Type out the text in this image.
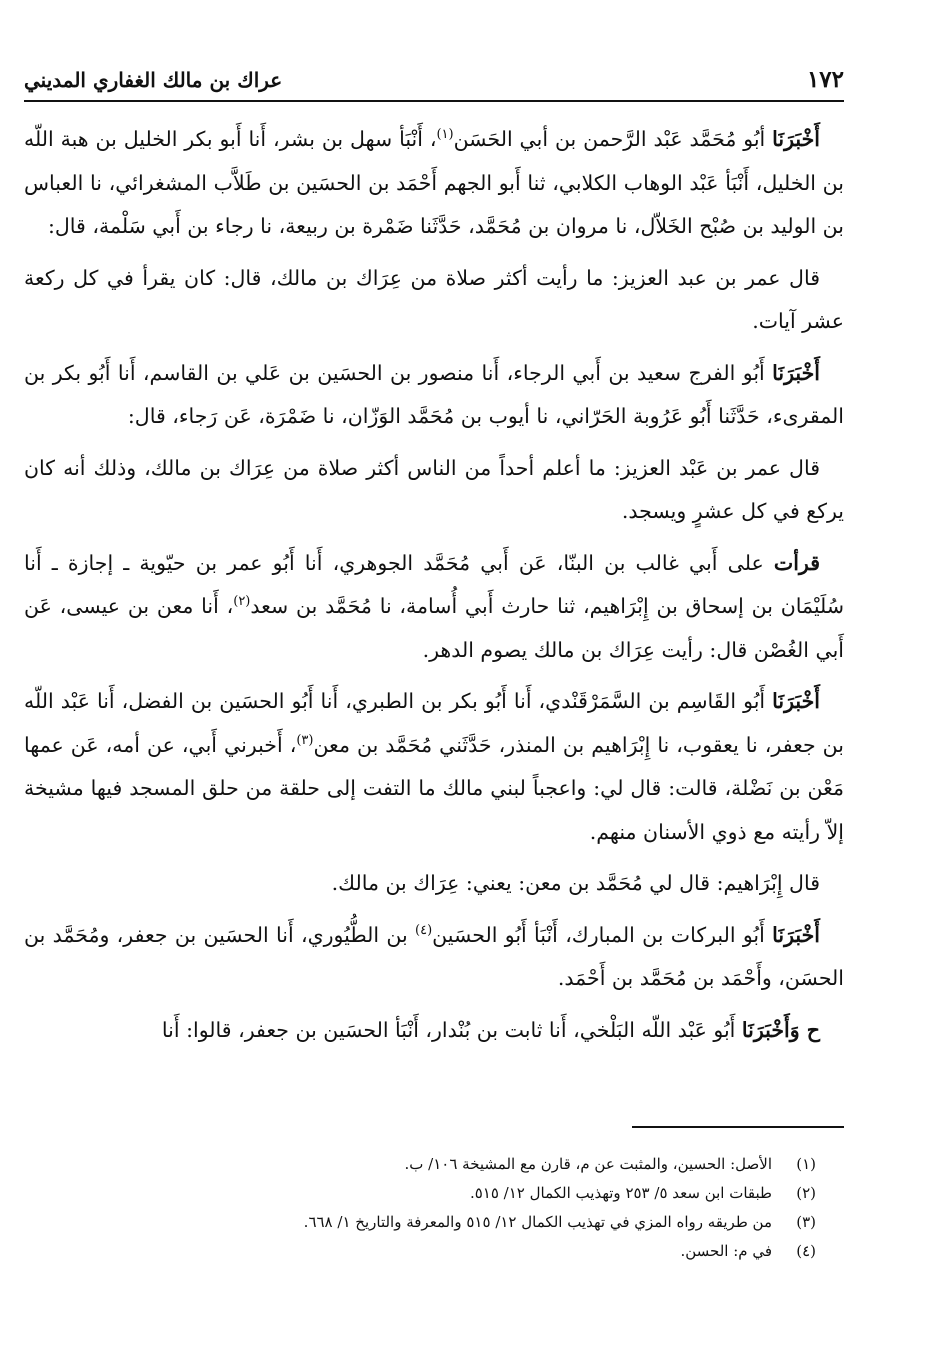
١٧٢
عراك بن مالك الغفاري المديني

أَخْبَرَنَا أبُو مُحَمَّد عَبْد الرَّحمن بن أبي الحَسَن$^{(١)}$، أَنْبَأ سهل بن بشر، أَنا أَبو بكر الخليل بن هبة اللّه بن الخليل، أَنْبَأ عَبْد الوهاب الكلابي، ثنا أَبو الجهم أَحْمَد بن الحسَين بن طَلاَّب المشغرائي، نا العباس بن الوليد بن صُبْح الخَلاّل، نا مروان بن مُحَمَّد، حَدَّثَنا ضَمْرة بن ربيعة، نا رجاء بن أَبي سَلْمة، قال:

قال عمر بن عبد العزيز: ما رأيت أكثر صلاة من عِرَاك بن مالك، قال: كان يقرأ في كل ركعة عشر آيات.

أَخْبَرَنَا أَبُو الفرج سعيد بن أَبي الرجاء، أَنا منصور بن الحسَين بن عَلي بن القاسم، أَنا أَبُو بكر بن المقرىء، حَدَّثَنا أَبُو عَرُوبة الحَرّاني، نا أيوب بن مُحَمَّد الوَزّان، نا ضَمْرَة، عَن رَجاء، قال:

قال عمر بن عَبْد العزيز: ما أعلم أحداً من الناس أكثر صلاة من عِرَاك بن مالك، وذلك أنه كان يركع في كل عشرٍ ويسجد.

قرأت على أَبي غالب بن البنّا، عَن أَبي مُحَمَّد الجوهري، أَنا أَبُو عمر بن حيّوية ـ إجازة ـ أَنا سُلَيْمَان بن إسحاق بن إِبْرَاهيم، ثنا حارث أَبي أُسامة، نا مُحَمَّد بن سعد$^{(٢)}$، أَنا معن بن عيسى، عَن أَبي الغُصْن قال: رأيت عِرَاك بن مالك يصوم الدهر.

أَخْبَرَنَا أَبُو القَاسِم بن السَّمَرْقَنْدي، أَنا أَبُو بكر بن الطبري، أَنا أَبُو الحسَين بن الفضل، أَنا عَبْد اللّه بن جعفر، نا يعقوب، نا إِبْرَاهيم بن المنذر، حَدَّثَني مُحَمَّد بن معن$^{(٣)}$، أَخبرني أَبي، عن أمه، عَن عمها مَعْن بن نَضْلة، قالت: قال لي: واعجباً لبني مالك ما التفت إلى حلقة من حلق المسجد فيها مشيخة إلاّ رأيته مع ذوي الأسنان منهم.

قال إِبْرَاهيم: قال لي مُحَمَّد بن معن: يعني: عِرَاك بن مالك.

أَخْبَرَنَا أَبُو البركات بن المبارك، أَنْبَأ أَبُو الحسَين$^{(٤)}$ بن الطُّيُوري، أَنا الحسَين بن جعفر، ومُحَمَّد بن الحسَن، وأَحْمَد بن مُحَمَّد بن أَحْمَد.

ح وَأَخْبَرَنَا أَبُو عَبْد اللّه البَلْخي، أَنا ثابت بن بُنْدار، أَنْبَأ الحسَين بن جعفر، قالوا: أَنا

(١)
الأصل: الحسين، والمثبت عن م، قارن مع المشيخة ١٠٦/ ب.
(٢)
طبقات ابن سعد ٥/ ٢٥٣ وتهذيب الكمال ١٢/ ٥١٥.
(٣)
من طريقه رواه المزي في تهذيب الكمال ١٢/ ٥١٥ والمعرفة والتاريخ ١/ ٦٦٨.
(٤)
في م: الحسن.
